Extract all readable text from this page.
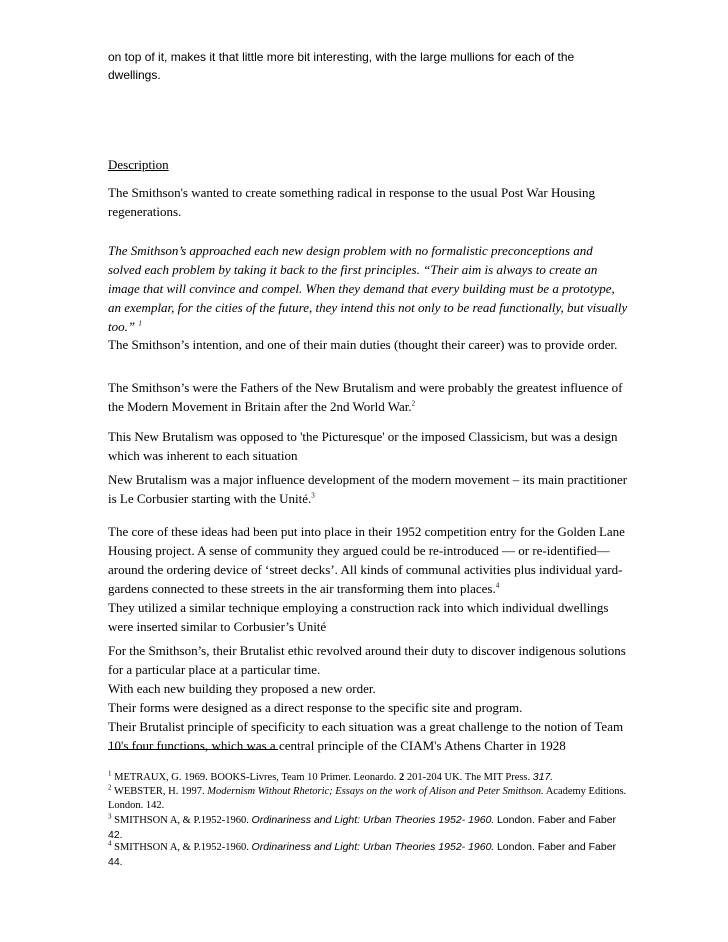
on top of it, makes it that little more bit interesting, with the large mullions for each of the dwellings.

Description

The Smithson's wanted to create something radical in response to the usual Post War Housing regenerations.

The Smithson’s approached each new design problem with no formalistic preconceptions and solved each problem by taking it back to the first principles. “Their aim is always to create an image that will convince and compel. When they demand that every building must be a prototype, an exemplar, for the cities of the future, they intend this not only to be read functionally, but visually too.” $^1$

The Smithson’s intention, and one of their main duties (thought their career) was to provide order.

The Smithson’s were the Fathers of the New Brutalism and were probably the greatest influence of the Modern Movement in Britain after the 2nd World War.$^2$

This New Brutalism was opposed to 'the Picturesque' or the imposed Classicism, but was a design which was inherent to each situation

New Brutalism was a major influence development of the modern movement – its main practitioner is Le Corbusier starting with the Unité.$^3$

The core of these ideas had been put into place in their 1952 competition entry for the Golden Lane Housing project. A sense of community they argued could be re-introduced — or re-identified—around the ordering device of ‘street decks’. All kinds of communal activities plus individual yard-gardens connected to these streets in the air transforming them into places.$^4$

They utilized a similar technique employing a construction rack into which individual dwellings were inserted similar to Corbusier’s Unité

For the Smithson’s, their Brutalist ethic revolved around their duty to discover indigenous solutions for a particular place at a particular time.
With each new building they proposed a new order.
Their forms were designed as a direct response to the specific site and program.
Their Brutalist principle of specificity to each situation was a great challenge to the notion of Team 10's four functions, which was a central principle of the CIAM's Athens Charter in 1928

$^1$ METRAUX, G. 1969. BOOKS-Livres, Team 10 Primer. Leonardo. 2 201-204 UK. The MIT Press. 317.

$^2$ WEBSTER, H. 1997. Modernism Without Rhetoric; Essays on the work of Alison and Peter Smithson. Academy Editions. London. 142.

$^3$ SMITHSON A, & P.1952-1960. Ordinariness and Light: Urban Theories 1952- 1960. London. Faber and Faber 42.

$^4$ SMITHSON A, & P.1952-1960. Ordinariness and Light: Urban Theories 1952- 1960. London. Faber and Faber 44.
